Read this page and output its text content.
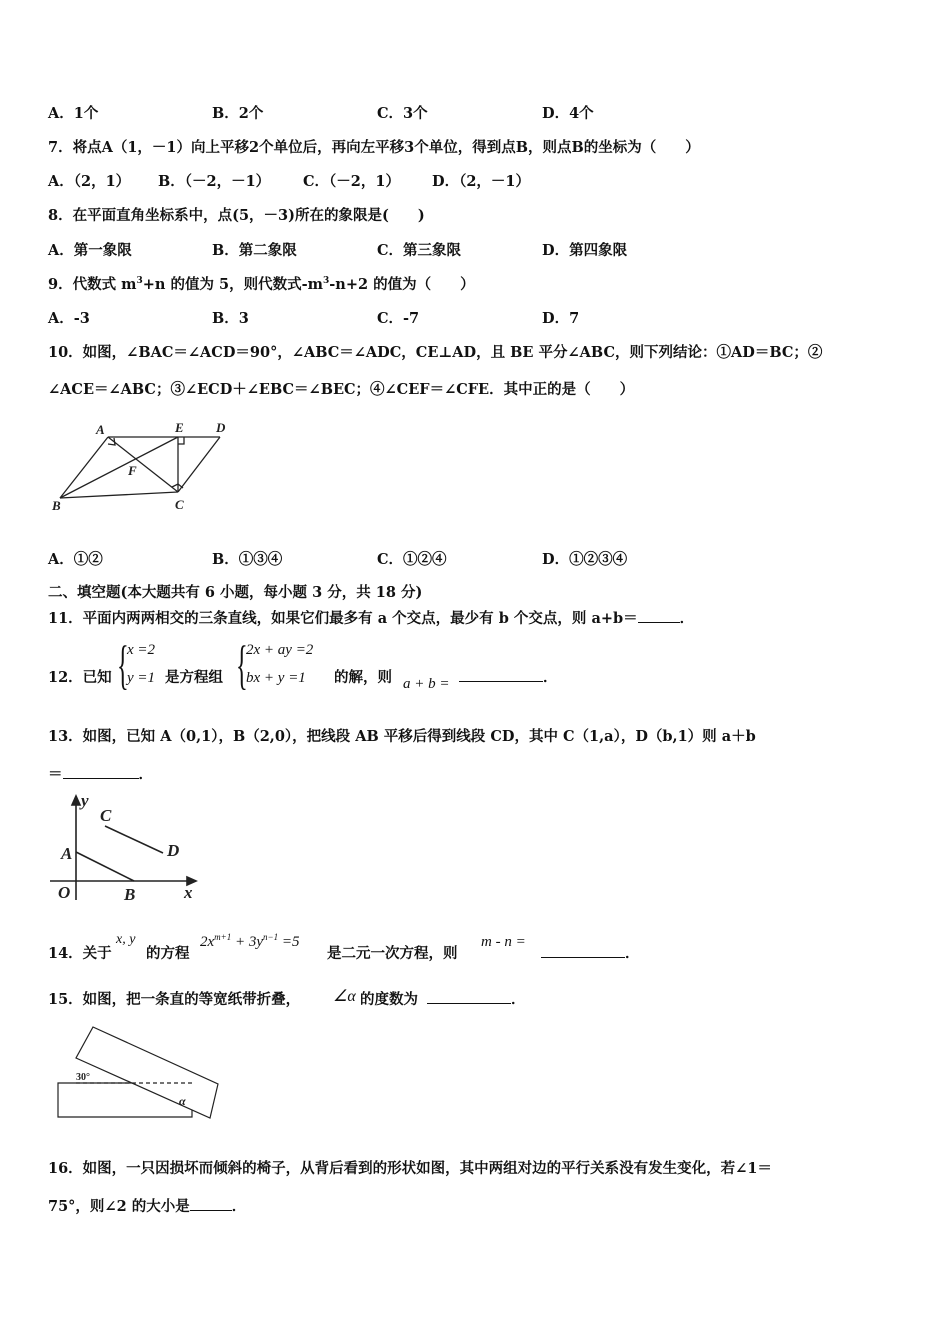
A．1个	B．2个	C．3个	D．4个
7．将点A（1，－1）向上平移2个单位后，再向左平移3个单位，得到点B，则点B的坐标为（　　）
A．（2，1） B．（－2，－1） C．（－2，1） D．（2，－1）
8．在平面直角坐标系中，点(5，－3)所在的象限是(　　)
A．第一象限	B．第二象限	C．第三象限	D．第四象限
9．代数式 $m^3+n$ 的值为 5，则代数式$-m^3-n+2$ 的值为（　　）
A．-3	B．3	C．-7	D．7
10．如图，∠BAC＝∠ACD＝90°，∠ABC＝∠ADC，CE⊥AD，且 BE 平分∠ABC，则下列结论：①AD＝BC；②
∠ACE＝∠ABC；③∠ECD＋∠EBC＝∠BEC；④∠CEF＝∠CFE．其中正的是（　　）
A	E D
B	C
F
A．①②	B．①③④	C．①②④	D．①②③④
二、填空题(本大题共有 6 小题，每小题 3 分，共 18 分)
11．平面内两两相交的三条直线，如果它们最多有 a 个交点，最少有 b 个交点，则 a+b＝	．
12．已知 {
x =2
y =1 是方程组 {
2x + ay =2
bx + y =1 的解，则 a + b =	．
13．如图，已知 A（0,1），B（2,0），把线段 AB 平移后得到线段 CD，其中 C（1,a），D（b,1）则 a＋b
＝	．
y
C
D
A
O	B	x
14．关于
x, y
的方程
$2x^{m+1} + 3y^{n-1} =5$
是二元一次方程，则
m - n =
．
15．如图，把一条直的等宽纸带折叠， ∠α 的度数为	．
30°
α
16．如图，一只因损坏而倾斜的椅子，从背后看到的形状如图，其中两组对边的平行关系没有发生变化，若∠1＝
75°，则∠2 的大小是	．
